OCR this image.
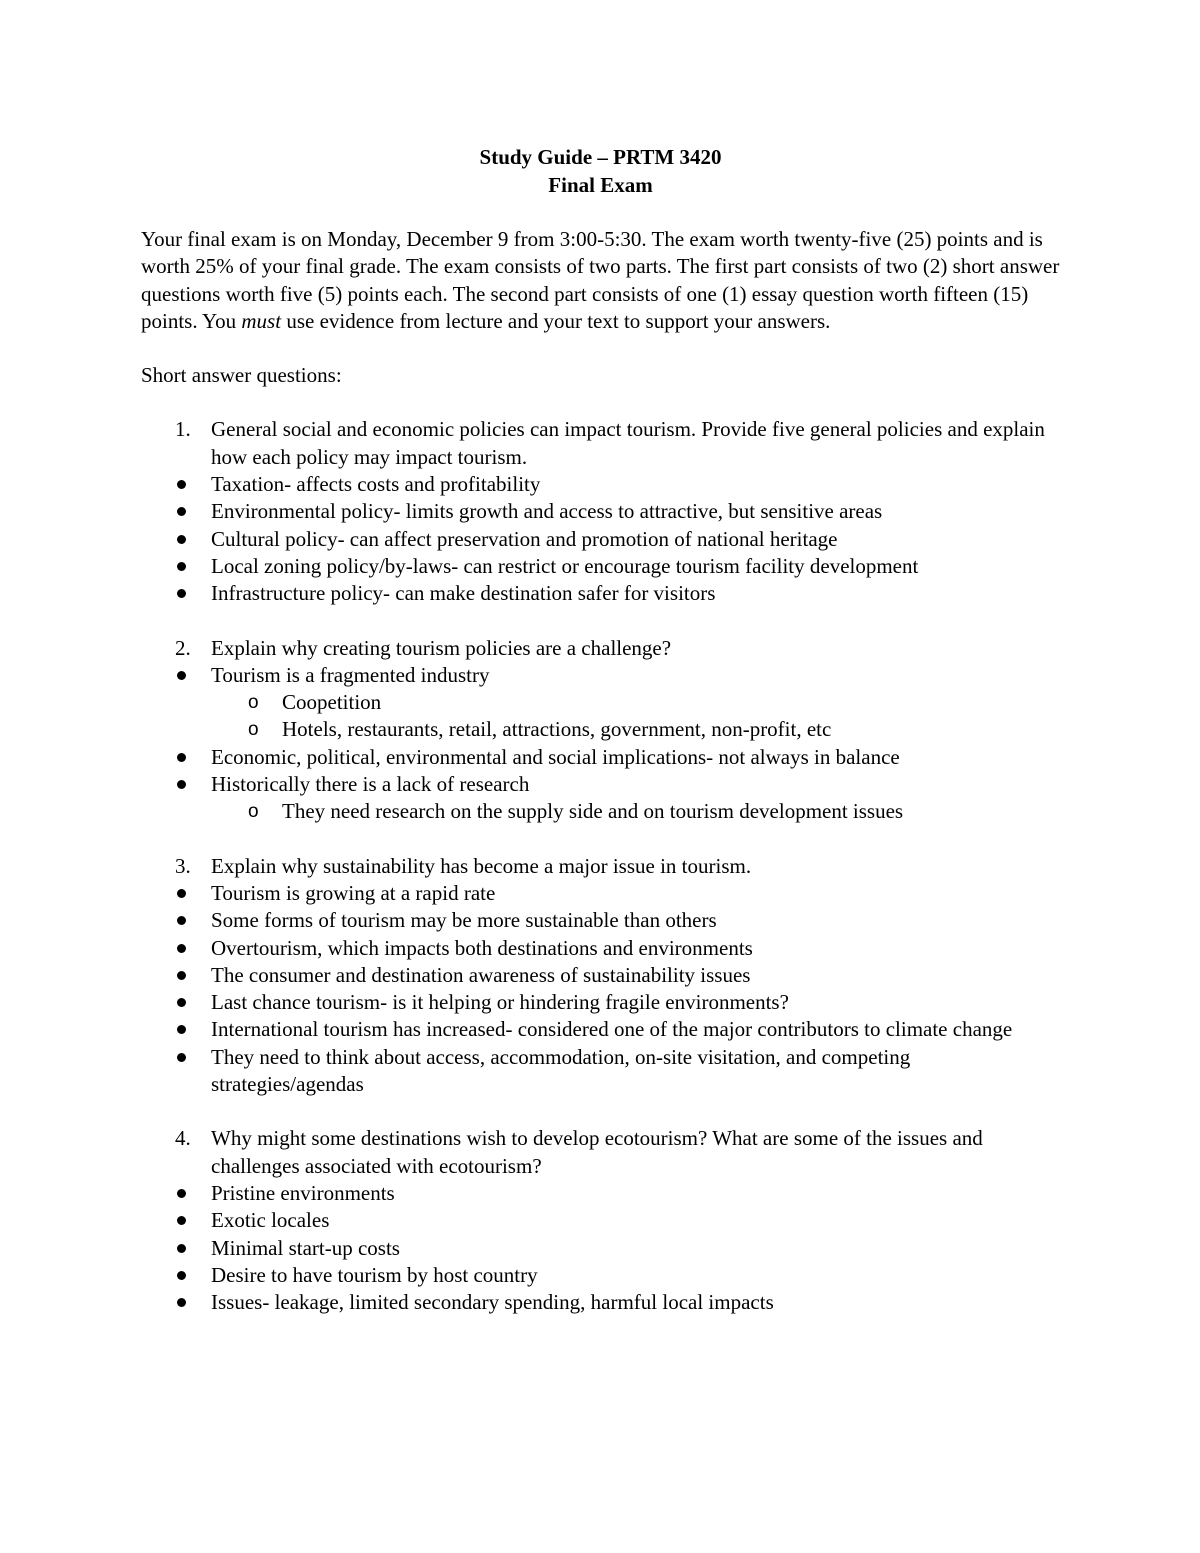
Study Guide – PRTM 3420
Final Exam

Your final exam is on Monday, December 9 from 3:00-5:30. The exam worth twenty-five (25) points and is worth 25% of your final grade. The exam consists of two parts. The first part consists of two (2) short answer questions worth five (5) points each. The second part consists of one (1) essay question worth fifteen (15) points. You must use evidence from lecture and your text to support your answers.

Short answer questions:

1. General social and economic policies can impact tourism. Provide five general policies and explain how each policy may impact tourism.
Taxation- affects costs and profitability
Environmental policy- limits growth and access to attractive, but sensitive areas
Cultural policy- can affect preservation and promotion of national heritage
Local zoning policy/by-laws- can restrict or encourage tourism facility development
Infrastructure policy- can make destination safer for visitors
2. Explain why creating tourism policies are a challenge?
Tourism is a fragmented industry
o Coopetition
o Hotels, restaurants, retail, attractions, government, non-profit, etc
Economic, political, environmental and social implications- not always in balance
Historically there is a lack of research
o They need research on the supply side and on tourism development issues
3. Explain why sustainability has become a major issue in tourism.
Tourism is growing at a rapid rate
Some forms of tourism may be more sustainable than others
Overtourism, which impacts both destinations and environments
The consumer and destination awareness of sustainability issues
Last chance tourism- is it helping or hindering fragile environments?
International tourism has increased- considered one of the major contributors to climate change
They need to think about access, accommodation, on-site visitation, and competing strategies/agendas
4. Why might some destinations wish to develop ecotourism? What are some of the issues and challenges associated with ecotourism?
Pristine environments
Exotic locales
Minimal start-up costs
Desire to have tourism by host country
Issues- leakage, limited secondary spending, harmful local impacts
